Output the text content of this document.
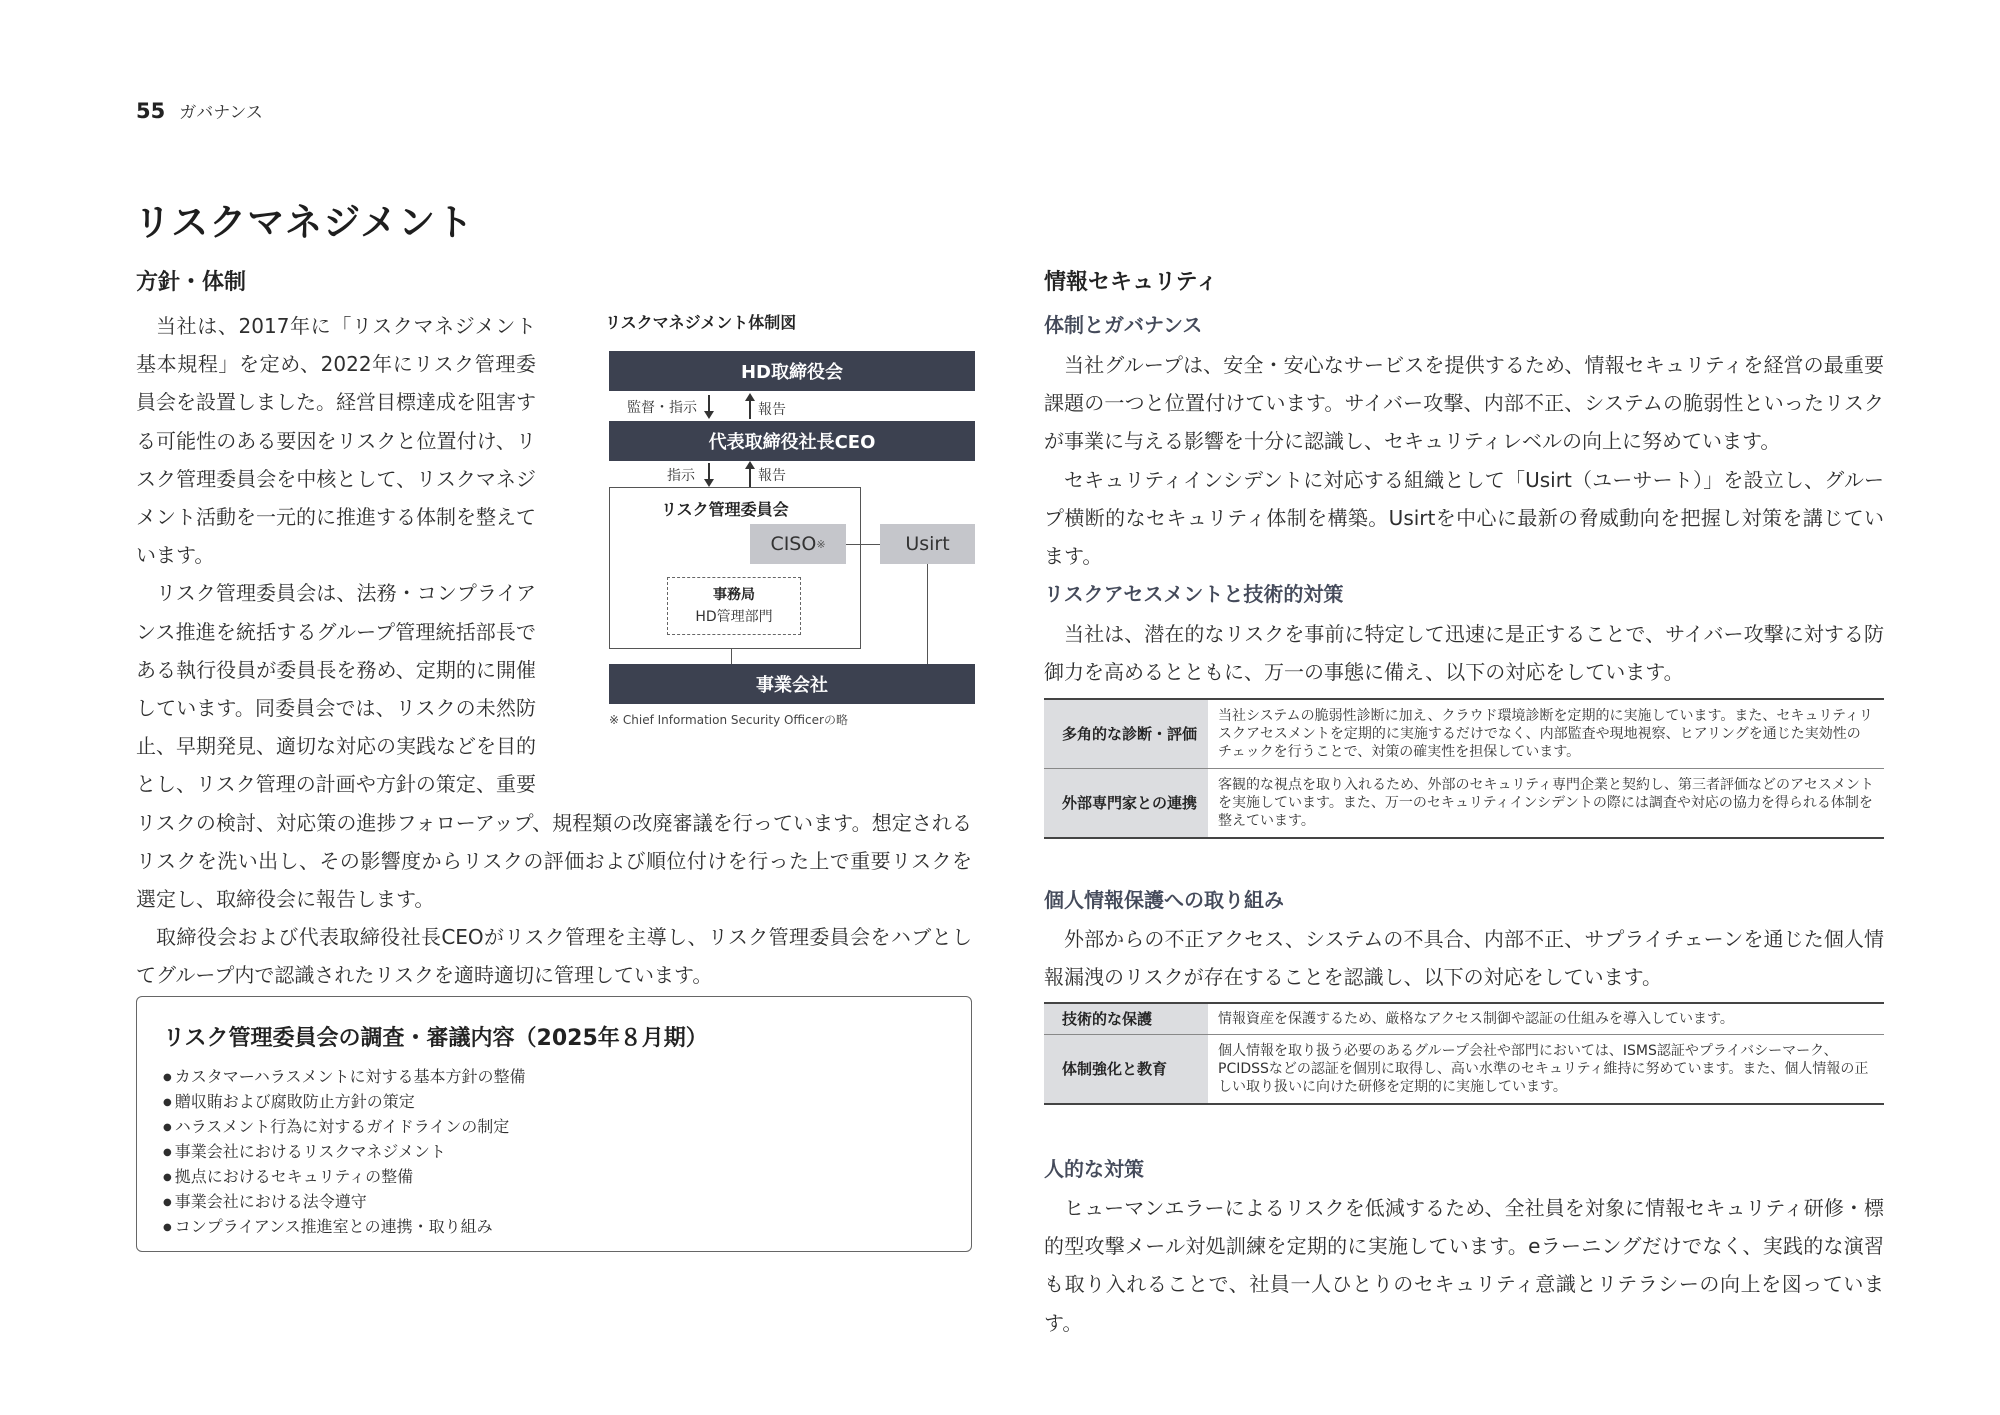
55 ガバナンス
リスクマネジメント
方針・体制

当社は、2017年に「リスクマネジメント基本規程」を定め、2022年にリスク管理委員会を設置しました。経営目標達成を阻害する可能性のある要因をリスクと位置付け、リスク管理委員会を中核として、リスクマネジメント活動を一元的に推進する体制を整えています。

リスク管理委員会は、法務・コンプライアンス推進を統括するグループ管理統括部長である執行役員が委員長を務め、定期的に開催しています。同委員会では、リスクの未然防止、早期発見、適切な対応の実践などを目的とし、リスク管理の計画や方針の策定、重要リスクの検討、対応策の進捗フォローアップ、規程類の改廃審議を行っています。想定されるリスクを洗い出し、その影響度からリスクの評価および順位付けを行った上で重要リスクを選定し、取締役会に報告します。

取締役会および代表取締役社長CEOがリスク管理を主導し、リスク管理委員会をハブとしてグループ内で認識されたリスクを適時適切に管理しています。

リスクマネジメント体制図
HD取締役会
監督・指示	報告
代表取締役社長CEO
指示	報告
リスク管理委員会
CISO ※	Usirt
事務局
HD管理部門
事業会社
※ Chief Information Security Officerの略
リスク管理委員会の調査・審議内容（2025年８月期）
● カスタマーハラスメントに対する基本方針の整備
● 贈収賄および腐敗防止方針の策定
● ハラスメント行為に対するガイドラインの制定
● 事業会社におけるリスクマネジメント
● 拠点におけるセキュリティの整備
● 事業会社における法令遵守
● コンプライアンス推進室との連携・取り組み
情報セキュリティ
体制とガバナンス

当社グループは、安全・安心なサービスを提供するため、情報セキュリティを経営の最重要課題の一つと位置付けています。サイバー攻撃、内部不正、システムの脆弱性といったリスクが事業に与える影響を十分に認識し、セキュリティレベルの向上に努めています。

セキュリティインシデントに対応する組織として「Usirt（ユーサート）」を設立し、グループ横断的なセキュリティ体制を構築。Usirtを中心に最新の脅威動向を把握し対策を講じています。

リスクアセスメントと技術的対策

当社は、潜在的なリスクを事前に特定して迅速に是正することで、サイバー攻撃に対する防御力を高めるとともに、万一の事態に備え、以下の対応をしています。

多角的な診断・評価	当社システムの脆弱性診断に加え、クラウド環境診断を定期的に実施しています。また、セキュリティリスクアセスメントを定期的に実施するだけでなく、内部監査や現地視察、ヒアリングを通じた実効性のチェックを行うことで、対策の確実性を担保しています。
外部専門家との連携	客観的な視点を取り入れるため、外部のセキュリティ専門企業と契約し、第三者評価などのアセスメントを実施しています。また、万一のセキュリティインシデントの際には調査や対応の協力を得られる体制を整えています。
個人情報保護への取り組み

外部からの不正アクセス、システムの不具合、内部不正、サプライチェーンを通じた個人情報漏洩のリスクが存在することを認識し、以下の対応をしています。

技術的な保護	情報資産を保護するため、厳格なアクセス制御や認証の仕組みを導入しています。
体制強化と教育	個人情報を取り扱う必要のあるグループ会社や部門においては、ISMS認証やプライバシーマーク、PCIDSSなどの認証を個別に取得し、高い水準のセキュリティ維持に努めています。また、個人情報の正しい取り扱いに向けた研修を定期的に実施しています。
人的な対策

ヒューマンエラーによるリスクを低減するため、全社員を対象に情報セキュリティ研修・標的型攻撃メール対処訓練を定期的に実施しています。eラーニングだけでなく、実践的な演習も取り入れることで、社員一人ひとりのセキュリティ意識とリテラシーの向上を図っています。
